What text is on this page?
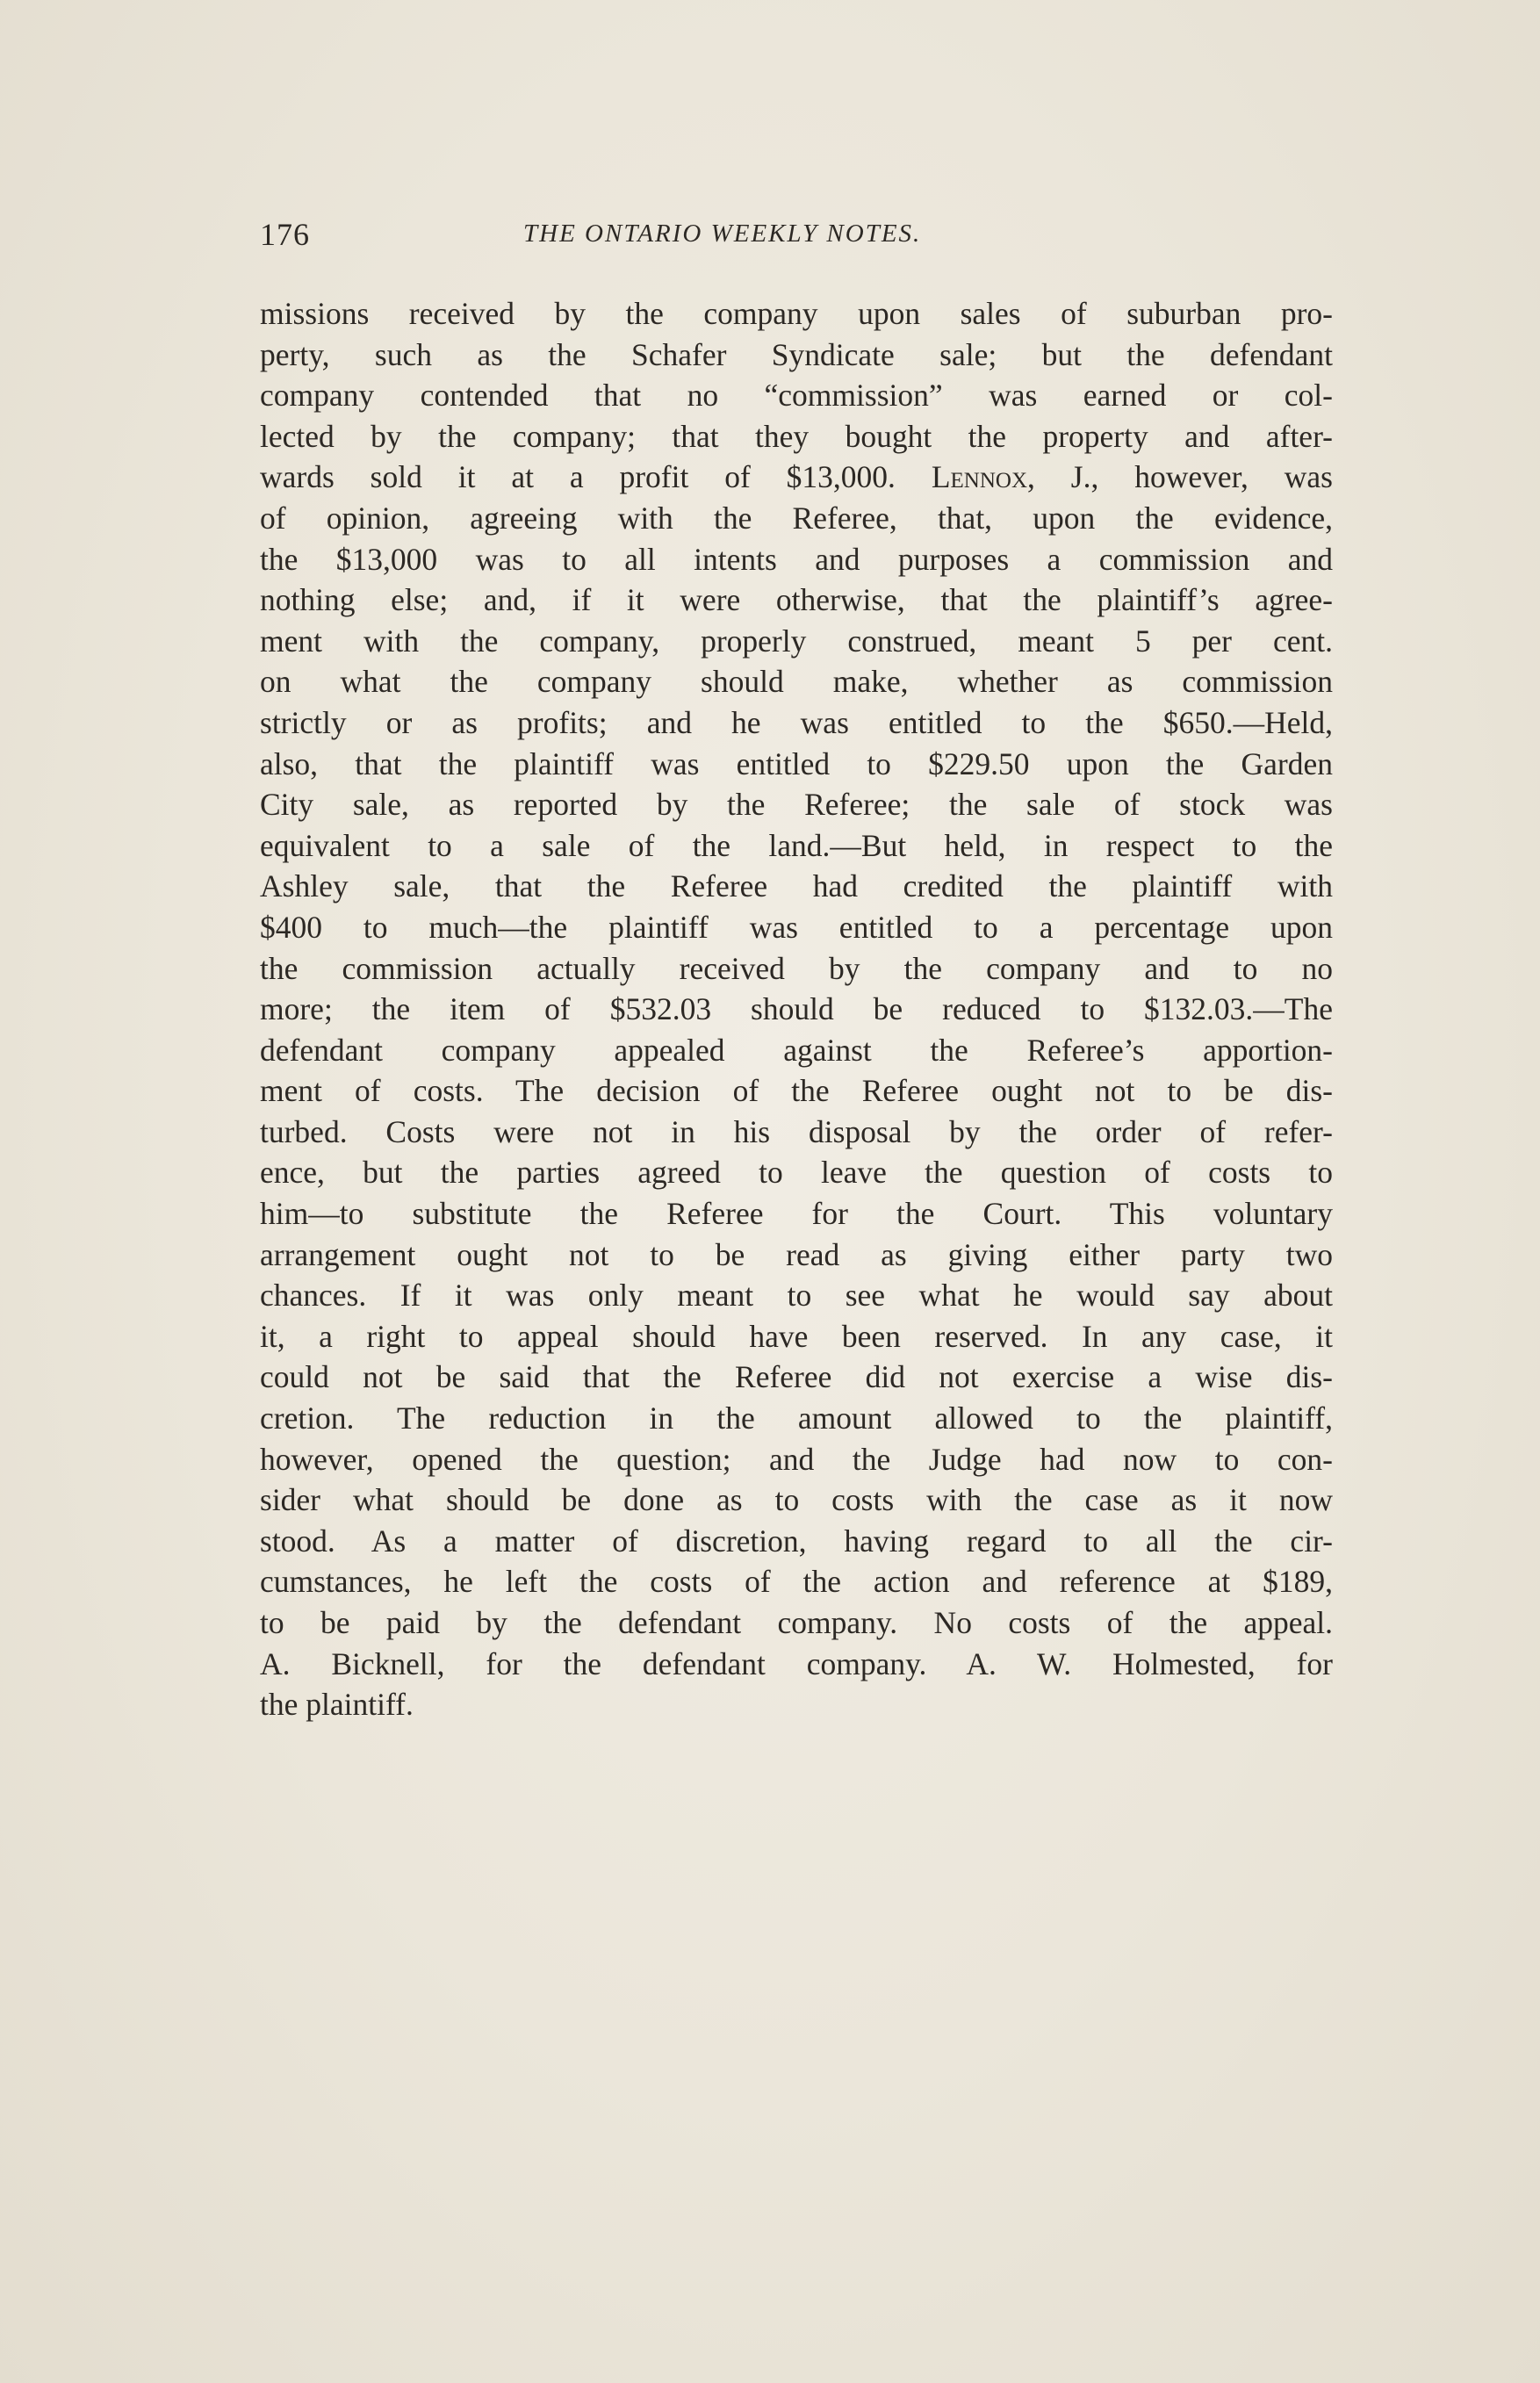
176	THE ONTARIO WEEKLY NOTES.
missions received by the company upon sales of suburban pro-
perty, such as the Schafer Syndicate sale; but the defendant
company contended that no “commission” was earned or col-
lected by the company; that they bought the property and after-
wards sold it at a profit of $13,000. Lennox, J., however, was
of opinion, agreeing with the Referee, that, upon the evidence,
the $13,000 was to all intents and purposes a commission and
nothing else; and, if it were otherwise, that the plaintiff’s agree-
ment with the company, properly construed, meant 5 per cent.
on what the company should make, whether as commission
strictly or as profits; and he was entitled to the $650.—Held,
also, that the plaintiff was entitled to $229.50 upon the Garden
City sale, as reported by the Referee; the sale of stock was
equivalent to a sale of the land.—But held, in respect to the
Ashley sale, that the Referee had credited the plaintiff with
$400 to much—the plaintiff was entitled to a percentage upon
the commission actually received by the company and to no
more; the item of $532.03 should be reduced to $132.03.—The
defendant company appealed against the Referee’s apportion-
ment of costs. The decision of the Referee ought not to be dis-
turbed. Costs were not in his disposal by the order of refer-
ence, but the parties agreed to leave the question of costs to
him—to substitute the Referee for the Court. This voluntary
arrangement ought not to be read as giving either party two
chances. If it was only meant to see what he would say about
it, a right to appeal should have been reserved. In any case, it
could not be said that the Referee did not exercise a wise dis-
cretion. The reduction in the amount allowed to the plaintiff,
however, opened the question; and the Judge had now to con-
sider what should be done as to costs with the case as it now
stood. As a matter of discretion, having regard to all the cir-
cumstances, he left the costs of the action and reference at $189,
to be paid by the defendant company. No costs of the appeal.
A. Bicknell, for the defendant company. A. W. Holmested, for
the plaintiff.
